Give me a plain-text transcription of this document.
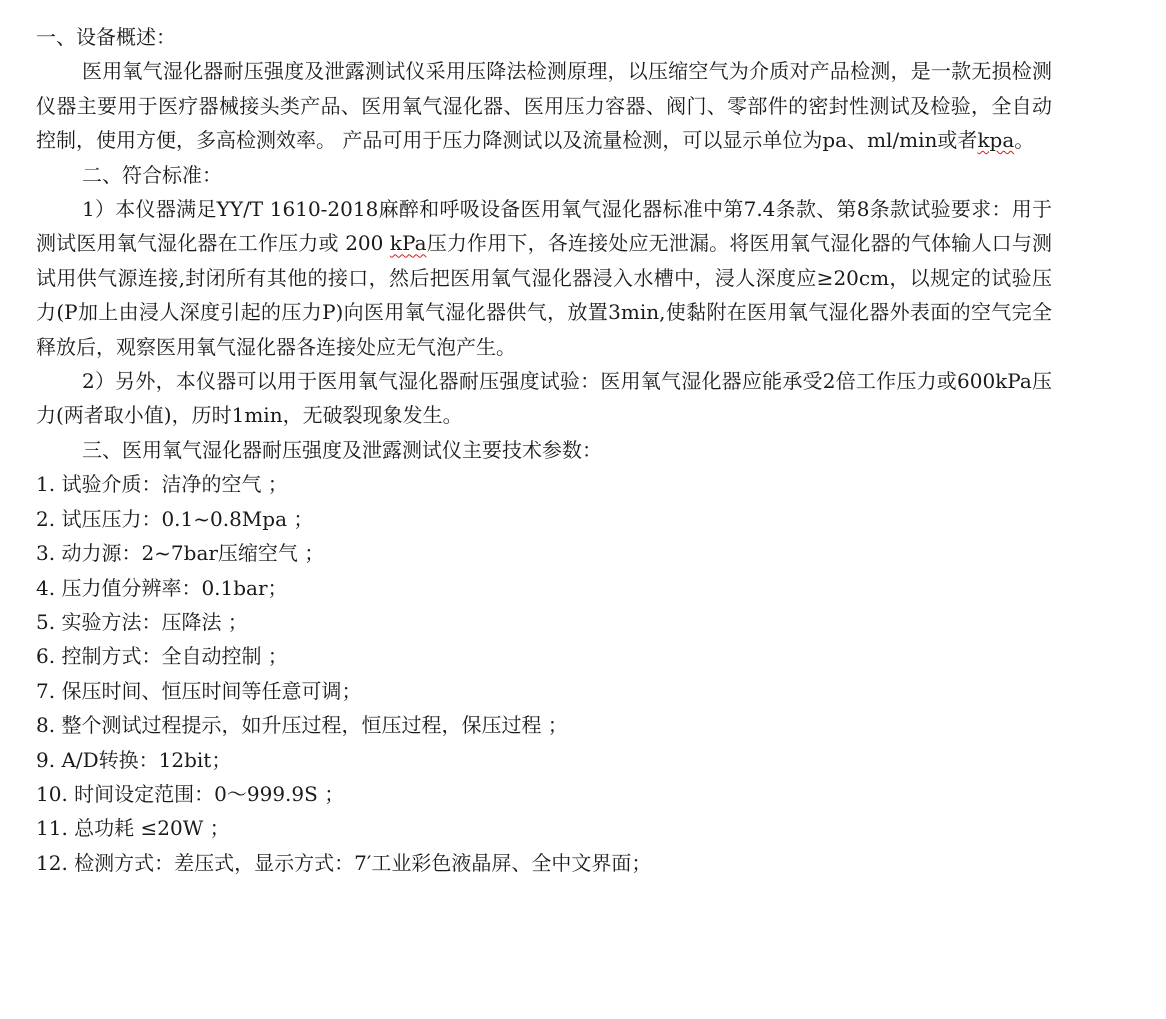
一、设备概述：

医用氧气湿化器耐压强度及泄露测试仪采用压降法检测原理，以压缩空气为介质对产品检测，是一款无损检测仪器主要用于医疗器械接头类产品、医用氧气湿化器、医用压力容器、阀门、零部件的密封性测试及检验，全自动控制，使用方便，多高检测效率。 产品可用于压力降测试以及流量检测，可以显示单位为pa、ml/min或者kpa。

二、符合标准：

1）本仪器满足YY/T 1610-2018麻醉和呼吸设备医用氧气湿化器标准中第7.4条款、第8条款试验要求：用于测试医用氧气湿化器在工作压力或 200 kPa压力作用下，各连接处应无泄漏。将医用氧气湿化器的气体输人口与测试用供气源连接,封闭所有其他的接口，然后把医用氧气湿化器浸入水槽中，浸人深度应≥20cm，以规定的试验压力(P加上由浸人深度引起的压力P)向医用氧气湿化器供气，放置3min,使黏附在医用氧气湿化器外表面的空气完全释放后，观察医用氧气湿化器各连接处应无气泡产生。

2）另外，本仪器可以用于医用氧气湿化器耐压强度试验：医用氧气湿化器应能承受2倍工作压力或600kPa压力(两者取小值)，历时1min，无破裂现象发生。

三、医用氧气湿化器耐压强度及泄露测试仪主要技术参数：

1. 试验介质：洁净的空气 ；

2. 试压压力：0.1~0.8Mpa ；

3. 动力源：2~7bar压缩空气 ；

4. 压力值分辨率：0.1bar；

5. 实验方法：压降法 ；

6. 控制方式：全自动控制 ；

7. 保压时间、恒压时间等任意可调；

8. 整个测试过程提示，如升压过程，恒压过程，保压过程 ；

9. A/D转换：12bit；

10. 时间设定范围：0～999.9S ；

11. 总功耗 ≤20W ；

12. 检测方式：差压式，显示方式：7′工业彩色液晶屏、全中文界面；
